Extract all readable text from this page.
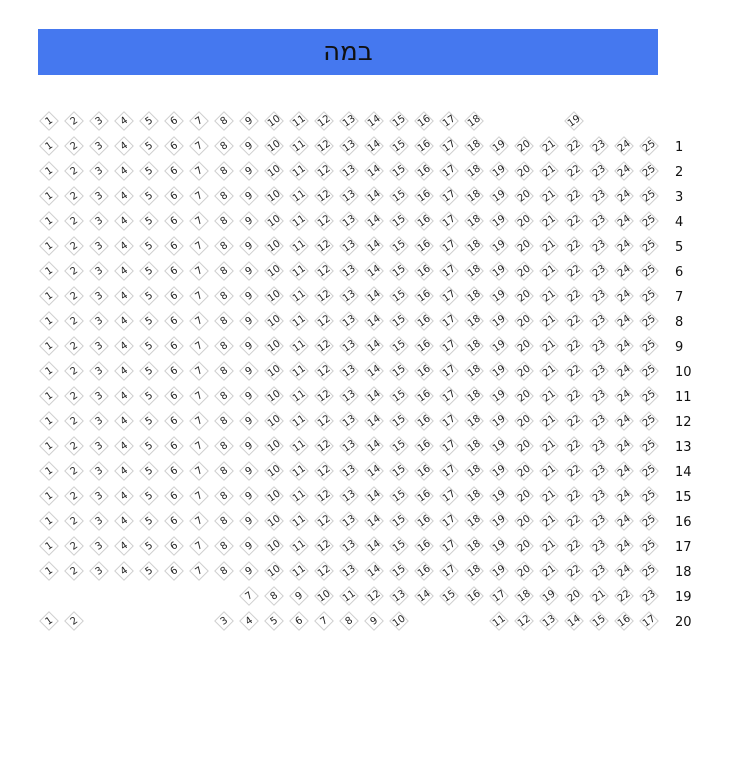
במה
1	2	3	4	5	6	7	8	9	10 11 12 13 14 15 16 17 18	19
1	2	3	4	5	6	7	8	9	10 11 12 13 14 15 16 17 18 19 20 21 22 23 24 25	1
1	2	3	4	5	6	7	8	9	10 11 12 13 14 15 16 17 18 19 20 21 22 23 24 25	2
1	2	3	4	5	6	7	8	9	10 11 12 13 14 15 16 17 18 19 20 21 22 23 24 25	3
1	2	3	4	5	6	7	8	9	10 11 12 13 14 15 16 17 18 19 20 21 22 23 24 25	4
1	2	3	4	5	6	7	8	9	10 11 12 13 14 15 16 17 18 19 20 21 22 23 24 25	5
1	2	3	4	5	6	7	8	9	10 11 12 13 14 15 16 17 18 19 20 21 22 23 24 25	6
1	2	3	4	5	6	7	8	9	10 11 12 13 14 15 16 17 18 19 20 21 22 23 24 25	7
1	2	3	4	5	6	7	8	9	10 11 12 13 14 15 16 17 18 19 20 21 22 23 24 25	8
1	2	3	4	5	6	7	8	9	10 11 12 13 14 15 16 17 18 19 20 21 22 23 24 25	9
1	2	3	4	5	6	7	8	9	10 11 12 13 14 15 16 17 18 19 20 21 22 23 24 25	10
1	2	3	4	5	6	7	8	9	10 11 12 13 14 15 16 17 18 19 20 21 22 23 24 25	11
1	2	3	4	5	6	7	8	9	10 11 12 13 14 15 16 17 18 19 20 21 22 23 24 25	12
1	2	3	4	5	6	7	8	9	10 11 12 13 14 15 16 17 18 19 20 21 22 23 24 25	13
1	2	3	4	5	6	7	8	9	10 11 12 13 14 15 16 17 18 19 20 21 22 23 24 25	14
1	2	3	4	5	6	7	8	9	10 11 12 13 14 15 16 17 18 19 20 21 22 23 24 25	15
1	2	3	4	5	6	7	8	9	10 11 12 13 14 15 16 17 18 19 20 21 22 23 24 25	16
1	2	3	4	5	6	7	8	9	10 11 12 13 14 15 16 17 18 19 20 21 22 23 24 25	17
1	2	3	4	5	6	7	8	9	10 11 12 13 14 15 16 17 18 19 20 21 22 23 24 25	18
7	8	9	10 11 12 13 14 15 16 17 18 19 20 21 22 23	19
1	2	3	4	5	6	7	8	9	10	11 12 13 14 15 16 17	20
